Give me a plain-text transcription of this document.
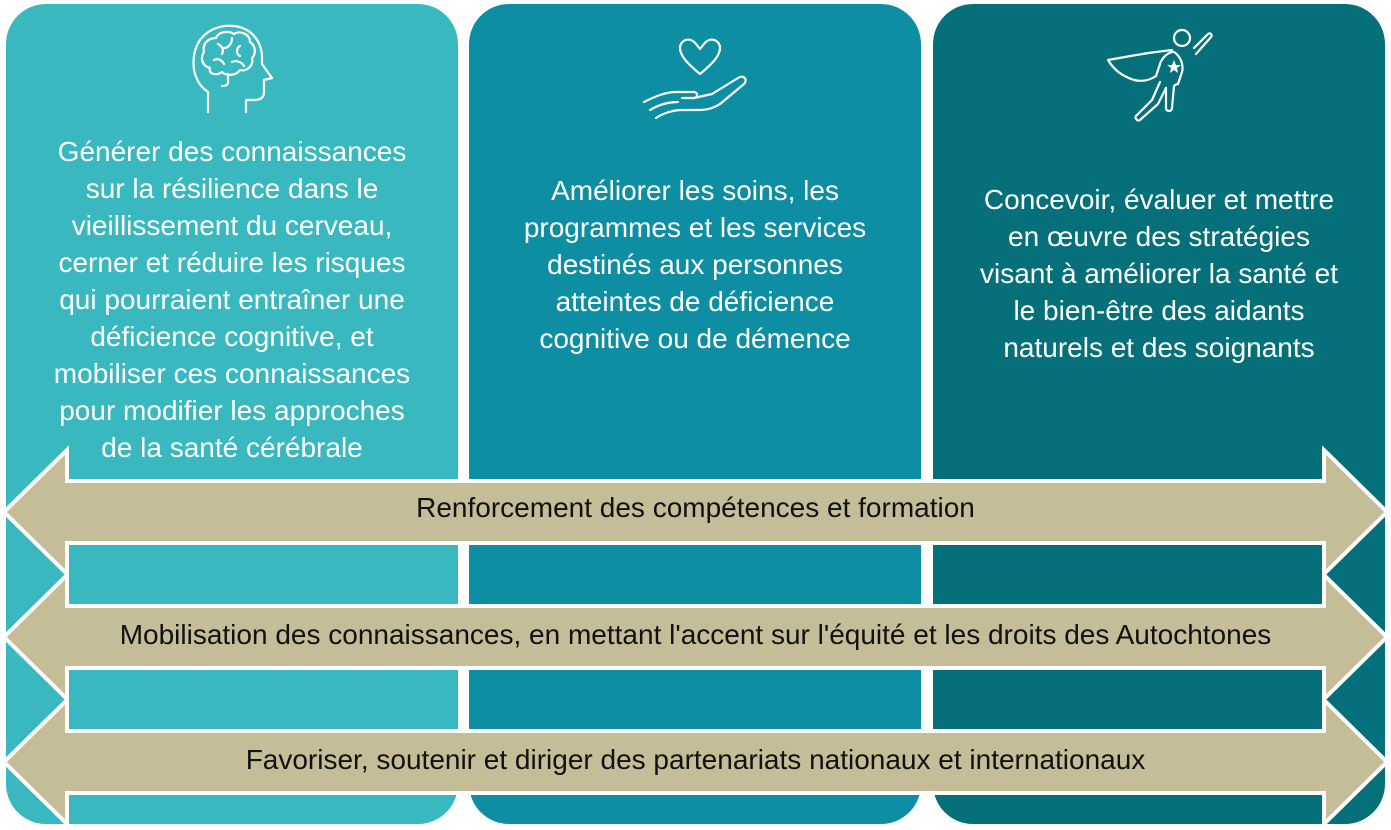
Générer des connaissances
sur la résilience dans le
vieillissement du cerveau,
cerner et réduire les risques
qui pourraient entraîner une
déficience cognitive, et
mobiliser ces connaissances
pour modifier les approches
de la santé cérébrale
Améliorer les soins, les
programmes et les services
destinés aux personnes
atteintes de déficience
cognitive ou de démence
Concevoir, évaluer et mettre
en œuvre des stratégies
visant à améliorer la santé et
le bien-être des aidants
naturels et des soignants
Renforcement des compétences et formation
Mobilisation des connaissances, en mettant l'accent sur l'équité et les droits des Autochtones
Favoriser, soutenir et diriger des partenariats nationaux et internationaux
